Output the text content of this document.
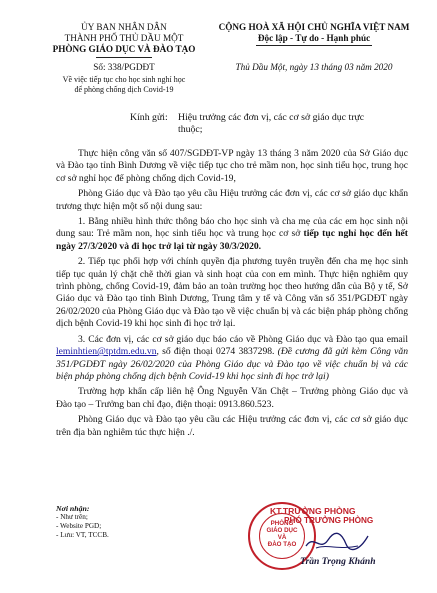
ỦY BAN NHÂN DÂN
THÀNH PHỐ THỦ DẦU MỘT
PHÒNG GIÁO DỤC VÀ ĐÀO TẠO
Số: 338/PGDĐT
Về việc tiếp tục cho học sinh nghỉ học
để phòng chống dịch Covid-19
CỘNG HOÀ XÃ HỘI CHỦ NGHĨA VIỆT NAM
Độc lập - Tự do - Hạnh phúc
Thủ Dầu Một, ngày 13 tháng 03 năm 2020
Kính gửi: Hiệu trưởng các đơn vị, các cơ sở giáo dục trực
thuộc;

Thực hiện công văn số 407/SGDĐT-VP ngày 13 tháng 3 năm 2020 của Sở Giáo dục và Đào tạo tỉnh Bình Dương về việc tiếp tục cho trẻ mầm non, học sinh tiểu học, trung học cơ sở nghỉ học để phòng chống dịch Covid-19,

Phòng Giáo dục và Đào tạo yêu cầu Hiệu trưởng các đơn vị, các cơ sở giáo dục khẩn trương thực hiện một số nội dung sau:

1. Bằng nhiều hình thức thông báo cho học sinh và cha mẹ của các em học sinh nội dung sau: Trẻ mầm non, học sinh tiểu học và trung học cơ sở tiếp tục nghỉ học đến hết ngày 27/3/2020 và đi học trở lại từ ngày 30/3/2020.

2. Tiếp tục phối hợp với chính quyền địa phương tuyên truyền đến cha mẹ học sinh tiếp tục quản lý chặt chẽ thời gian và sinh hoạt của con em mình. Thực hiện nghiêm quy trình phòng, chống Covid-19, đảm bảo an toàn trường học theo hướng dẫn của Bộ y tế, Sở Giáo dục và Đào tạo tỉnh Bình Dương, Trung tâm y tế và Công văn số 351/PGDĐT ngày 26/02/2020 của Phòng Giáo dục và Đào tạo về việc chuẩn bị và các biện pháp phòng chống dịch bệnh Covid-19 khi học sinh đi học trở lại.

3. Các đơn vị, các cơ sở giáo dục báo cáo về Phòng Giáo dục và Đào tạo qua email leminhtien@tptdm.edu.vn, số điện thoại 0274 3837298. (Đề cương đã gửi kèm Công văn 351/PGDĐT ngày 26/02/2020 của Phòng Giáo dục và Đào tạo về việc chuẩn bị và các biện pháp phòng chống dịch bệnh Covid-19 khi học sinh đi học trở lại)

Trường hợp khẩn cấp liên hệ Ông Nguyễn Văn Chệt – Trưởng phòng Giáo dục và Đào tạo – Trưởng ban chỉ đạo, điện thoại: 0913.860.523.

Phòng Giáo dục và Đào tạo yêu cầu các Hiệu trưởng các đơn vị, các cơ sở giáo dục trên địa bàn nghiêm túc thực hiện ./.

Nơi nhận:
- Như trên;
- Website PGD;
- Lưu: VT, TCCB.
PHÒNG
GIÁO DỤC
VÀ
ĐÀO TẠO
KT.TRƯỞNG PHÒNG
PHÓ TRƯỞNG PHÒNG
Trần Trọng Khánh
